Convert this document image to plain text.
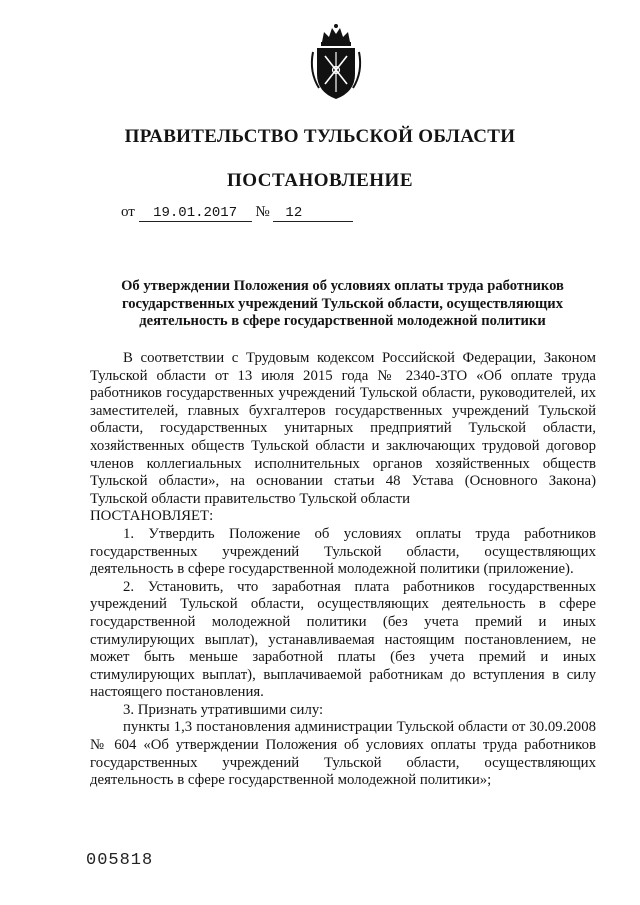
ПРАВИТЕЛЬСТВО ТУЛЬСКОЙ ОБЛАСТИ
ПОСТАНОВЛЕНИЕ
от 19.01.2017 № 12
Об утверждении Положения об условиях оплаты труда работников государственных учреждений Тульской области, осуществляющих деятельность в сфере государственной молодежной политики

В соответствии с Трудовым кодексом Российской Федерации, Законом Тульской области от 13 июля 2015 года № 2340-ЗТО «Об оплате труда работников государственных учреждений Тульской области, руководителей, их заместителей, главных бухгалтеров государственных учреждений Тульской области, государственных унитарных предприятий Тульской области, хозяйственных обществ Тульской области и заключающих трудовой договор членов коллегиальных исполнительных органов хозяйственных обществ Тульской области», на основании статьи 48 Устава (Основного Закона) Тульской области правительство Тульской области

ПОСТАНОВЛЯЕТ:

1. Утвердить Положение об условиях оплаты труда работников государственных учреждений Тульской области, осуществляющих деятельность в сфере государственной молодежной политики (приложение).

2. Установить, что заработная плата работников государственных учреждений Тульской области, осуществляющих деятельность в сфере государственной молодежной политики (без учета премий и иных стимулирующих выплат), устанавливаемая настоящим постановлением, не может быть меньше заработной платы (без учета премий и иных стимулирующих выплат), выплачиваемой работникам до вступления в силу настоящего постановления.

3. Признать утратившими силу:

пункты 1,3 постановления администрации Тульской области от 30.09.2008 № 604 «Об утверждении Положения об условиях оплаты труда работников государственных учреждений Тульской области, осуществляющих деятельность в сфере государственной молодежной политики»;

005818
